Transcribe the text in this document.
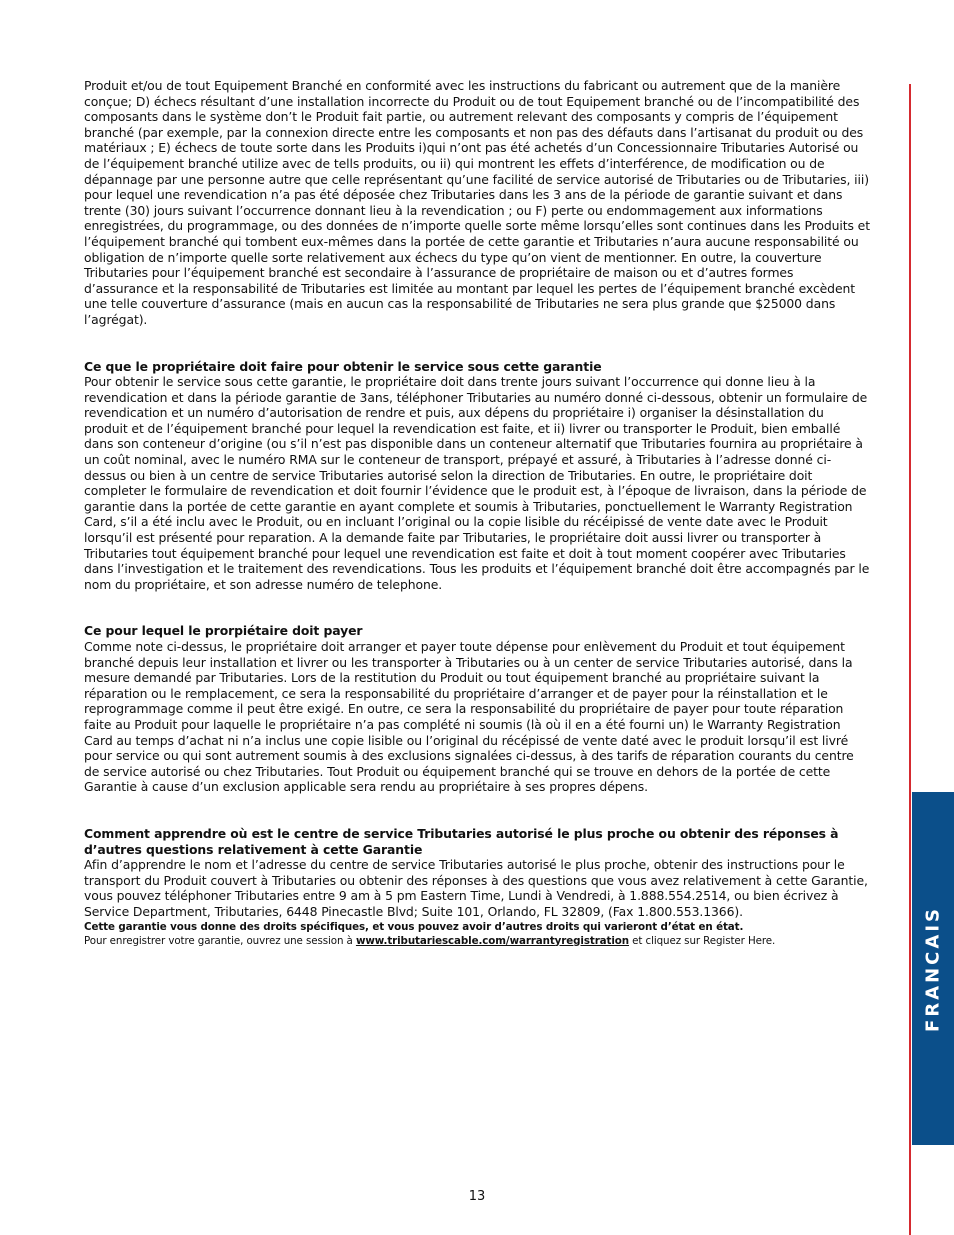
FRANCAIS

Produit et/ou de tout Equipement Branché en conformité avec les instructions du fabricant ou autrement que de la manière conçue; D) échecs résultant d’une installation incorrecte du Produit ou de tout Equipement branché ou de l’incompatibilité des composants dans le système don’t le Produit fait partie, ou autrement relevant des composants y compris de l’équipement branché (par exemple, par la connexion directe entre les composants et non pas des défauts dans l’artisanat du produit ou des matériaux ; E) échecs de toute sorte dans les Produits i)qui n’ont pas été achetés d’un Concessionnaire Tributaries Autorisé ou de l’équipement branché utilize avec de tells produits, ou ii) qui montrent les effets d’interférence, de modification ou de dépannage par une personne autre que celle représentant qu’une facilité de service autorisé de Tributaries ou de Tributaries, iii) pour lequel une revendication n’a pas été déposée chez Tributaries dans les 3 ans de la période de garantie suivant et dans trente (30) jours suivant l’occurrence donnant lieu à la revendication ; ou F) perte ou endommagement aux informations enregistrées, du programmage, ou des données de n’importe quelle sorte même lorsqu’elles sont continues dans les Produits et l’équipement branché qui tombent eux-mêmes dans la portée de cette garantie et Tributaries n’aura aucune responsabilité ou obligation de n’importe quelle sorte relativement aux échecs du type qu’on vient de mentionner. En outre, la couverture Tributaries pour l’équipement branché est secondaire à l’assurance de propriétaire de maison ou et d’autres formes d’assurance et la responsabilité de Tributaries est limitée au montant par lequel les pertes de l’équipement branché excèdent une telle couverture d’assurance (mais en aucun cas la responsabilité de Tributaries ne sera plus grande que $25000 dans l’agrégat).

Ce que le propriétaire doit faire pour obtenir le service sous cette garantie

Pour obtenir le service sous cette garantie, le propriétaire doit dans trente jours suivant l’occurrence qui donne lieu à la revendication et dans la période garantie de 3ans, téléphoner Tributaries au numéro donné ci-dessous, obtenir un formulaire de revendication et un numéro d’autorisation de rendre et puis, aux dépens du propriétaire i) organiser la désinstallation du produit et de l’équipement branché pour lequel la revendication est faite, et ii) livrer ou transporter le Produit, bien emballé dans son conteneur d’origine (ou s’il n’est pas disponible dans un conteneur alternatif que Tributaries fournira au propriétaire à un coût nominal, avec le numéro RMA sur le conteneur de transport, prépayé et assuré, à Tributaries à l’adresse donné ci-dessus ou bien à un centre de service Tributaries autorisé selon la direction de Tributaries. En outre, le propriétaire doit completer le formulaire de revendication et doit fournir l’évidence que le produit est, à l’époque de livraison, dans la période de garantie dans la portée de cette garantie en ayant complete et soumis à Tributaries, ponctuellement le Warranty Registration Card, s’il a été inclu avec le Produit, ou en incluant l’original ou la copie lisible du récéipissé de vente date avec le Produit lorsqu’il est présenté pour reparation. A la demande faite par Tributaries, le propriétaire doit aussi livrer ou transporter à Tributaries tout équipement branché pour lequel une revendication est faite et doit à tout moment coopérer avec Tributaries dans l’investigation et le traitement des revendications. Tous les produits et l’équipement branché doit être accompagnés par le nom du propriétaire, et son adresse numéro de telephone.

Ce pour lequel le prorpiétaire doit payer

Comme note ci-dessus, le propriétaire doit arranger et payer toute dépense pour enlèvement du Produit et tout équipement branché depuis leur installation et livrer ou les transporter à Tributaries ou à un center de service Tributaries autorisé, dans la mesure demandé par Tributaries. Lors de la restitution du Produit ou tout équipement branché au propriétaire suivant la réparation ou le remplacement, ce sera la responsabilité du propriétaire d’arranger et de payer pour la réinstallation et le reprogrammage comme il peut être exigé. En outre, ce sera la responsabilité du propriétaire de payer pour toute réparation faite au Produit pour laquelle le propriétaire n’a pas complété ni soumis (là où il en a été fourni un) le Warranty Registration Card au temps d’achat ni n’a inclus une copie lisible ou l’original du récépissé de vente daté avec le produit lorsqu’il est livré pour service ou qui sont autrement soumis à des exclusions signalées ci-dessus, à des tarifs de réparation courants du centre de service autorisé ou chez Tributaries. Tout Produit ou équipement branché qui se trouve en dehors de la portée de cette Garantie à cause d’un exclusion applicable sera rendu au propriétaire à ses propres dépens.

Comment apprendre où est le centre de service Tributaries autorisé le plus proche ou obtenir des réponses à d’autres questions relativement à cette Garantie

Afin d’apprendre le nom et l’adresse du centre de service Tributaries autorisé le plus proche, obtenir des instructions pour le transport du Produit couvert à Tributaries ou obtenir des réponses à des questions que vous avez relativement à cette Garantie, vous pouvez téléphoner Tributaries entre 9 am à 5 pm Eastern Time, Lundi à Vendredi, à 1.888.554.2514, ou bien écrivez à Service Department, Tributaries, 6448 Pinecastle Blvd; Suite 101, Orlando, FL 32809, (Fax 1.800.553.1366).

Cette garantie vous donne des droits spécifiques, et vous pouvez avoir d’autres droits qui varieront d’état en état.

Pour enregistrer votre garantie, ouvrez une session à www.tributariescable.com/warrantyregistration et cliquez sur Register Here.

13
